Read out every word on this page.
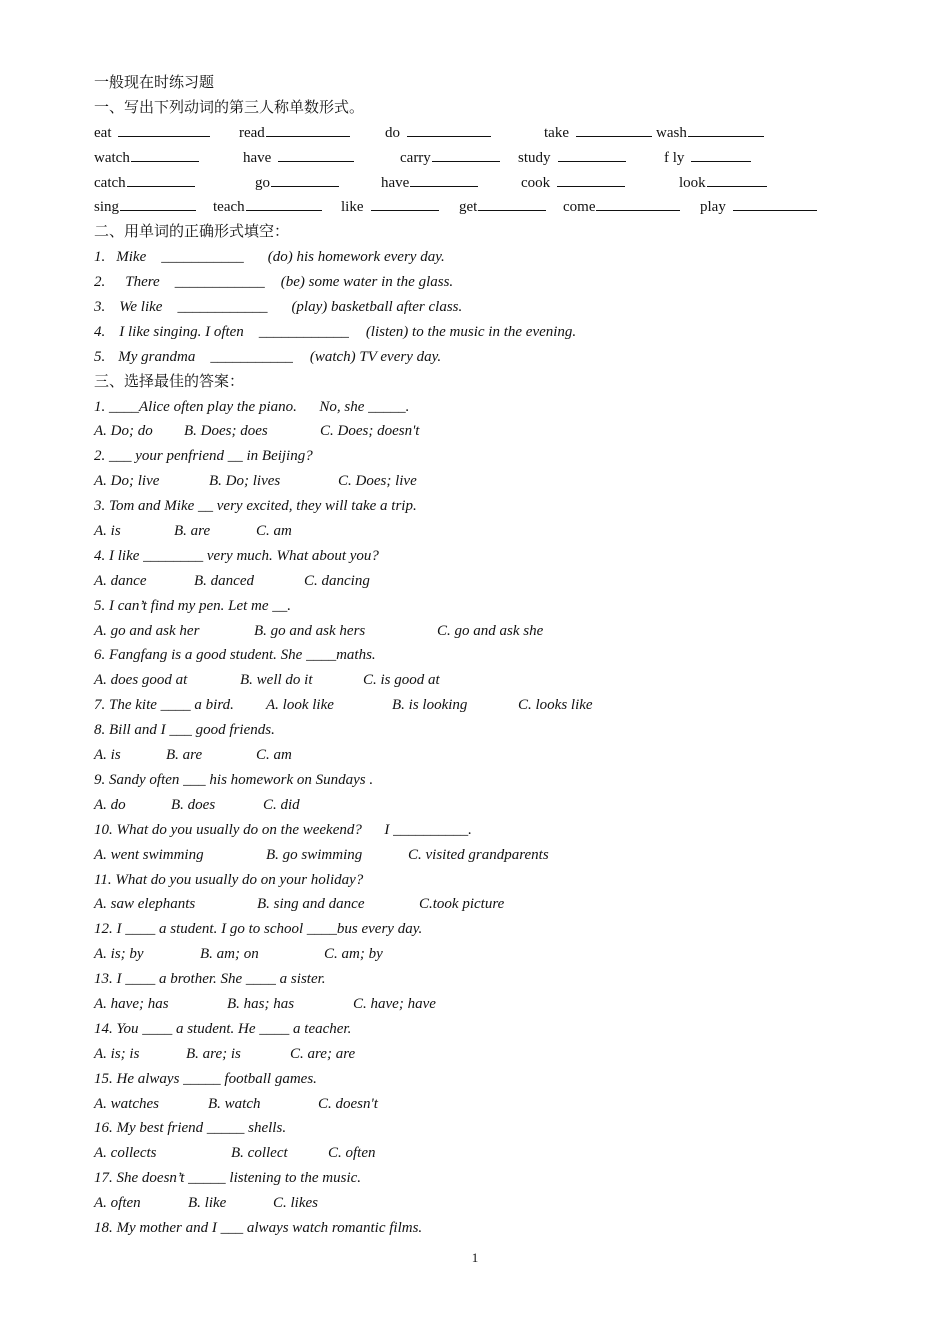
一般现在时练习题
一、写出下列动词的第三人称单数形式。
eat	read	do	take	wash
watch	have	carry	study	f ly
catch	go	have	cook	look
sing	teach	like	get	come	play
二、用单词的正确形式填空：
1. Mike ___________ (do) his homework every day.
2. There ____________ (be) some water in the glass.
3. We like ____________ (play) basketball after class.
4. I like singing. I often ____________ (listen) to the music in the evening.
5. My grandma ___________ (watch) TV every day.
三、选择最佳的答案：
1. ____Alice often play the piano.      No, she _____.
A. Do; do B. Does; does	C. Does; doesn't
2. ___ your penfriend __ in Beijing?
A. Do; live	B. Do; lives	C. Does; live
3. Tom and Mike __ very excited, they will take a trip.
A. is	B. are	C. am
4. I like ________ very much. What about you?
A. dance	B. danced	C. dancing
5. I can’t find my pen. Let me __.
A. go and ask her	B. go and ask hers	C. go and ask she
6. Fangfang is a good student. She ____maths.
A. does good at	B. well do it	C. is good at
7. The kite ____ a bird. A. look like	B. is looking	C. looks like
8. Bill and I ___ good friends.
A. is	B. are	C. am
9. Sandy often ___ his homework on Sundays .
A. do	B. does	C. did
10. What do you usually do on the weekend?      I __________.
A. went swimming	B. go swimming	C. visited grandparents
11. What do you usually do on your holiday?
A. saw elephants	B. sing and dance	C.took picture
12. I ____ a student. I go to school ____bus every day.
A. is; by	B. am; on	C. am; by
13. I ____ a brother. She ____ a sister.
A. have; has	B. has; has	C. have; have
14. You ____ a student. He ____ a teacher.
A. is; is	B. are; is	C. are; are
15. He always _____ football games.
A. watches	B. watch	C. doesn't
16. My best friend _____ shells.
A. collects	B. collect	C. often
17. She doesn’t _____ listening to the music.
A. often	B. like	C. likes
18. My mother and I ___ always watch romantic films.
1
